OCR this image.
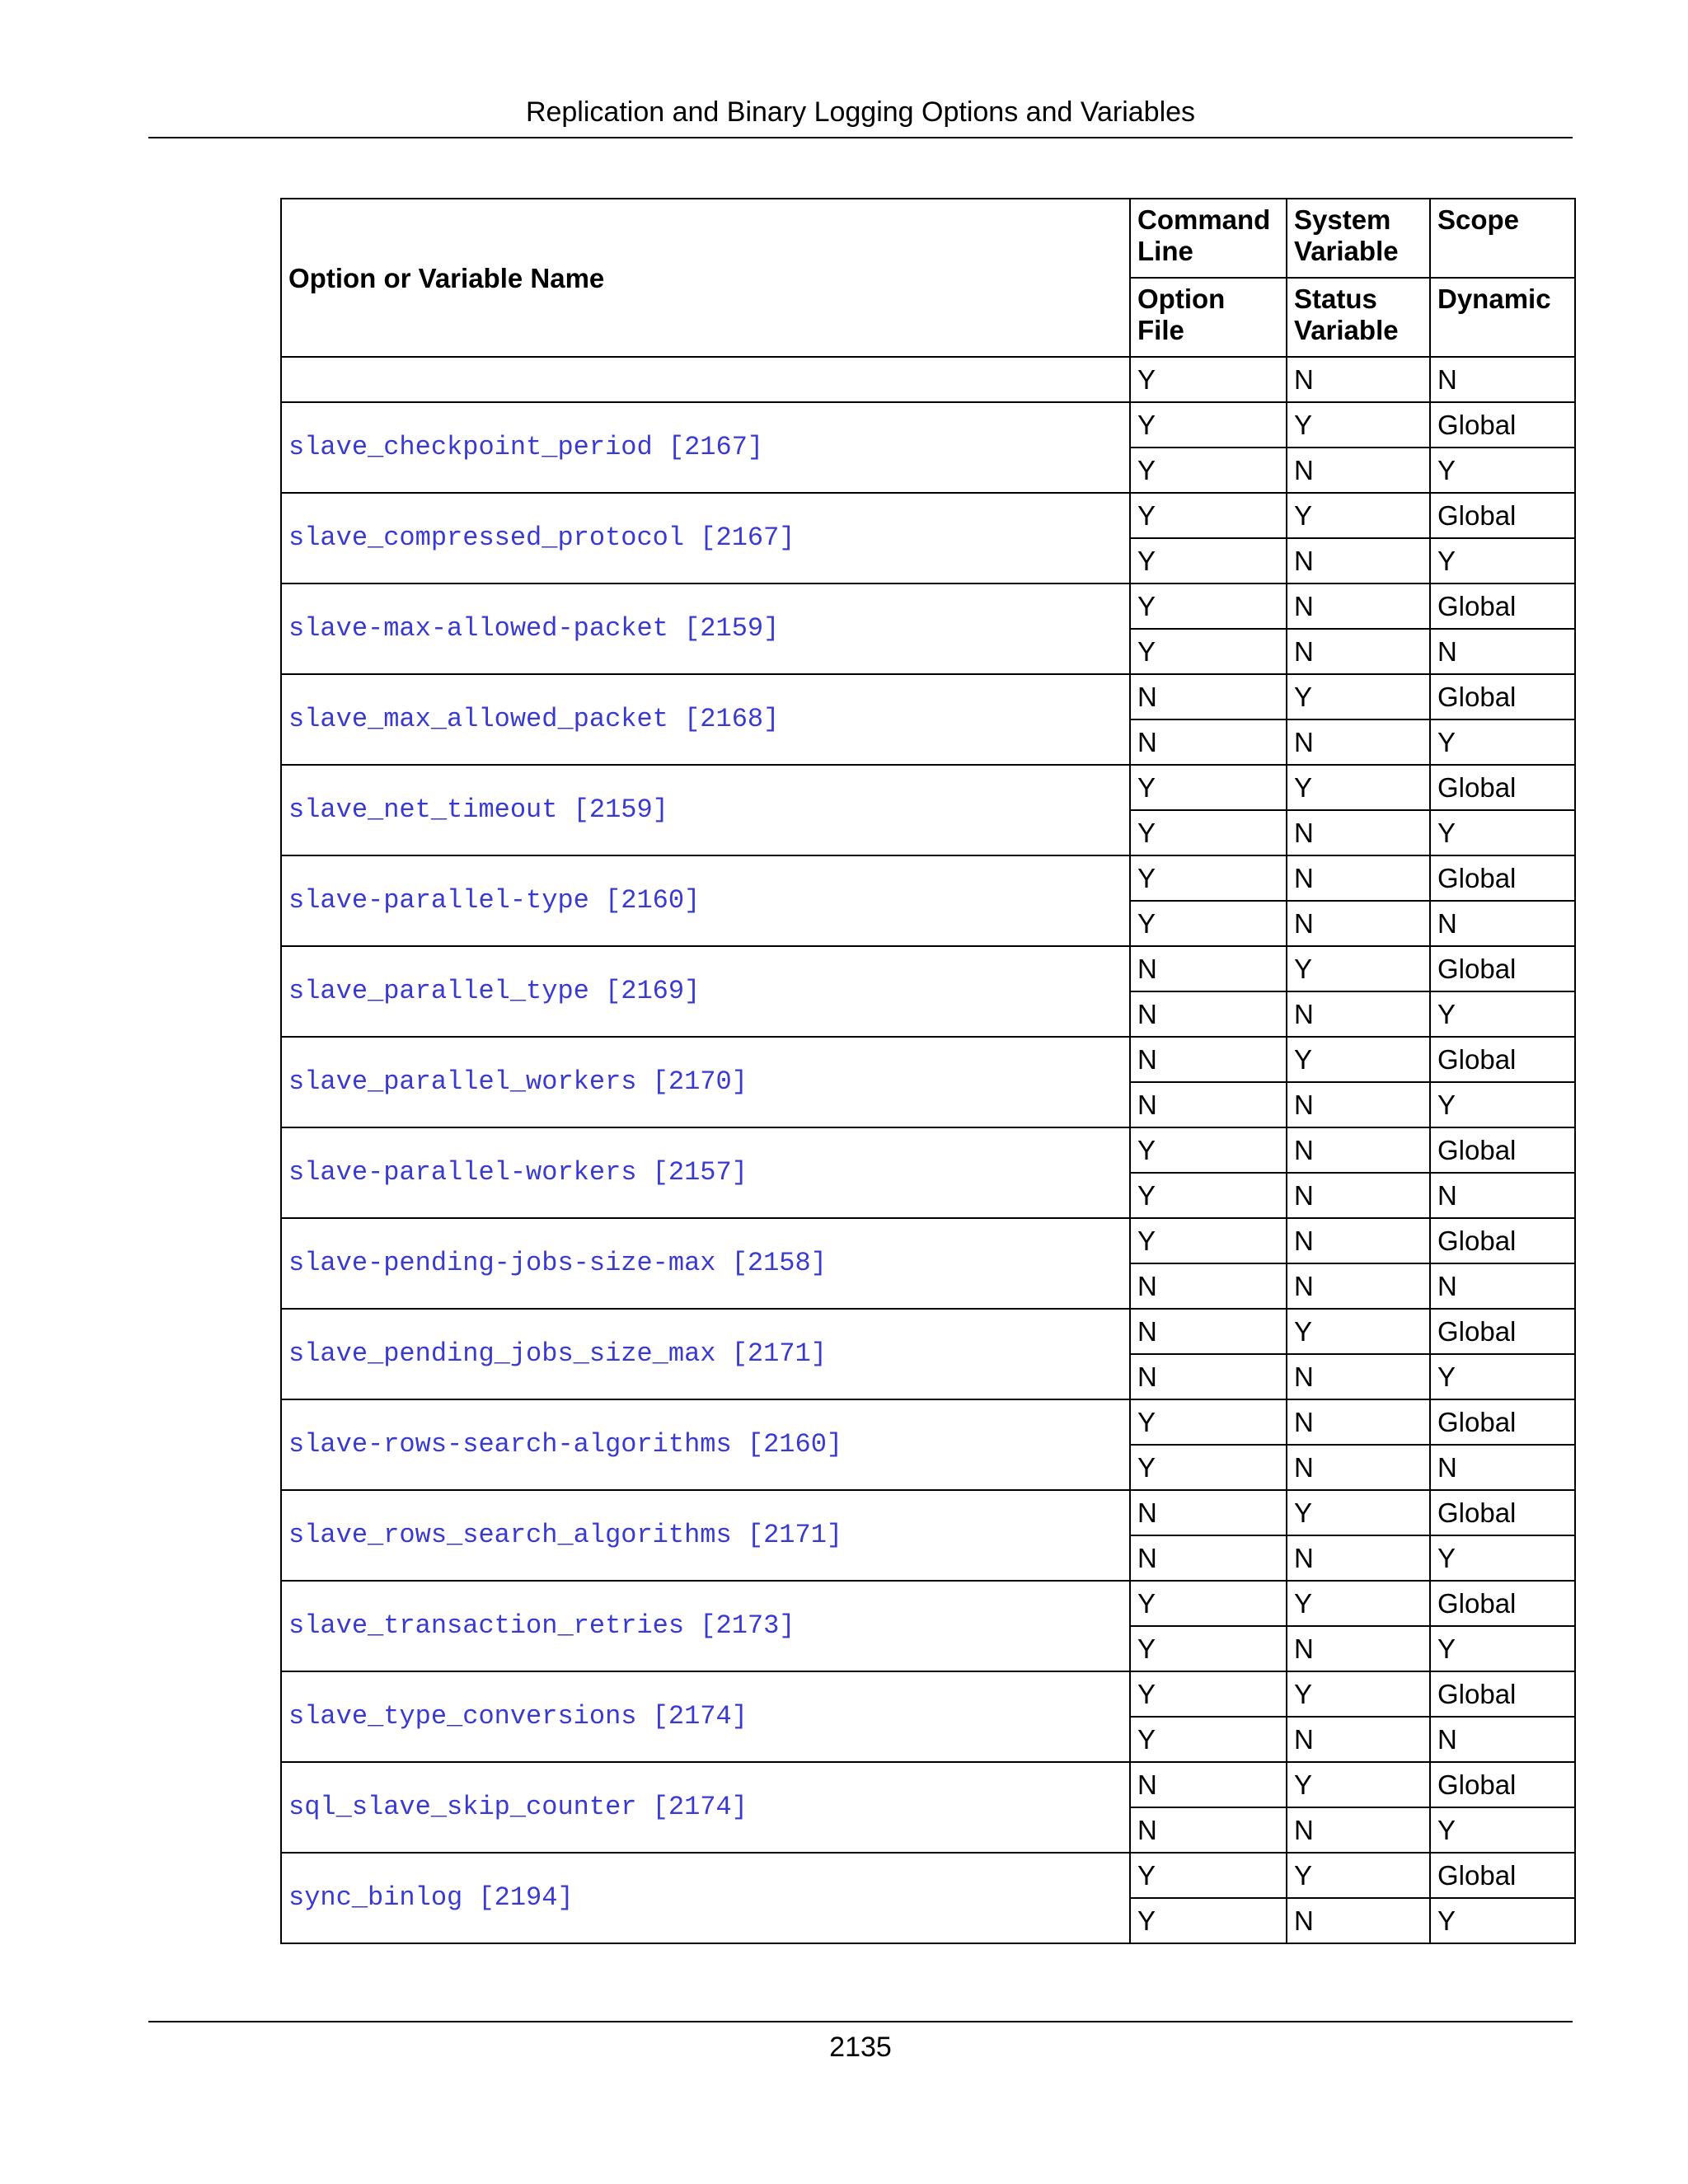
Replication and Binary Logging Options and Variables
Option or Variable Name	Command Line	System Variable	Scope
	Option File	Status Variable	Dynamic
	Y	N	N
slave_checkpoint_period [2167]	Y	Y	Global
	Y	N	Y
slave_compressed_protocol [2167]	Y	Y	Global
	Y	N	Y
slave-max-allowed-packet [2159]	Y	N	Global
	Y	N	N
slave_max_allowed_packet [2168]	N	Y	Global
	N	N	Y
slave_net_timeout [2159]	Y	Y	Global
	Y	N	Y
slave-parallel-type [2160]	Y	N	Global
	Y	N	N
slave_parallel_type [2169]	N	Y	Global
	N	N	Y
slave_parallel_workers [2170]	N	Y	Global
	N	N	Y
slave-parallel-workers [2157]	Y	N	Global
	Y	N	N
slave-pending-jobs-size-max [2158]	Y	N	Global
	N	N	N
slave_pending_jobs_size_max [2171]	N	Y	Global
	N	N	Y
slave-rows-search-algorithms [2160]	Y	N	Global
	Y	N	N
slave_rows_search_algorithms [2171]	N	Y	Global
	N	N	Y
slave_transaction_retries [2173]	Y	Y	Global
	Y	N	Y
slave_type_conversions [2174]	Y	Y	Global
	Y	N	N
sql_slave_skip_counter [2174]	N	Y	Global
	N	N	Y
sync_binlog [2194]	Y	Y	Global
	Y	N	Y
2135
